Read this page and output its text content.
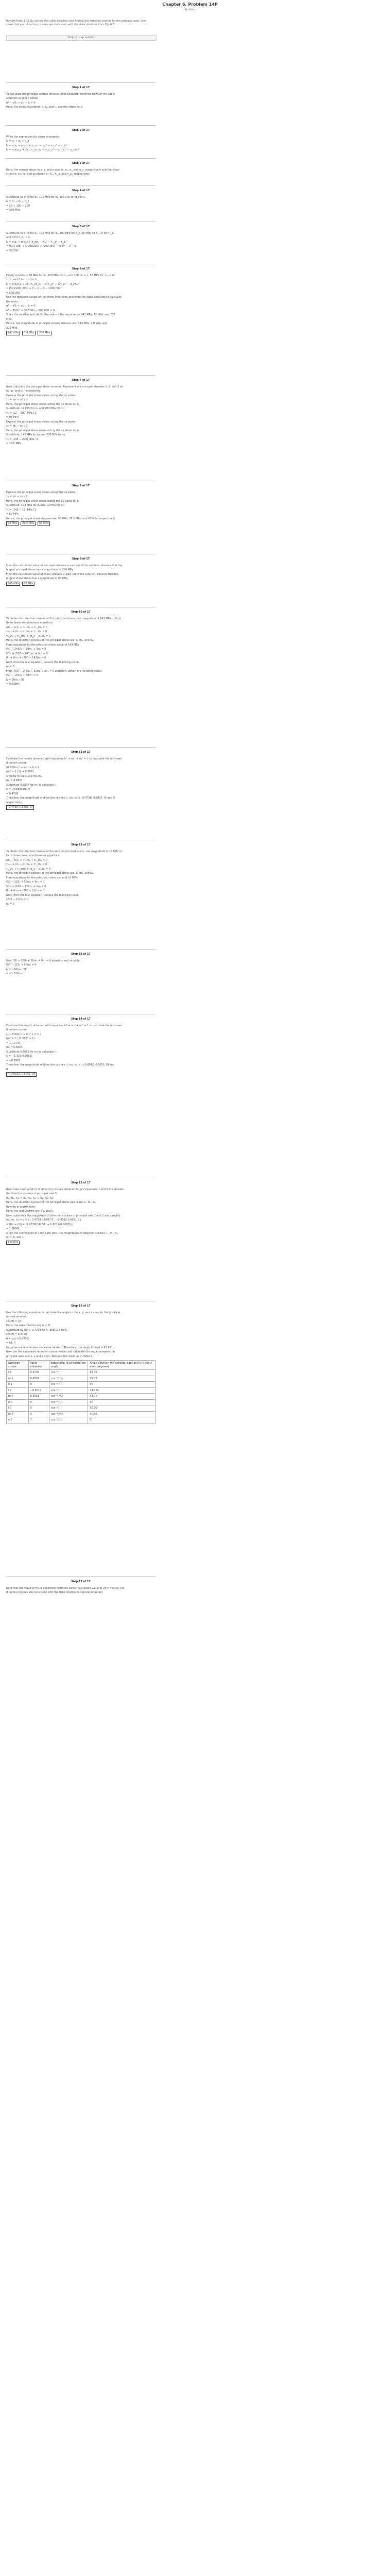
Chapter 6, Problem 14P
Problem
Rework Prob. 6.11 by solving the cubic equation and finding the direction cosines for the principal axes. Also show that your direction cosines are consistent with the data rotations from Fig. 6.6.
Step-by-step solution
Step 1 of 17
To calculate the principal normal stresses, first calculate the three roots of the cubic
equation as given below:
σ³ − σ²I₁ + σI₂ − I₃ = 0
Here, the stress invariants: I₁, I₂, and I₃, and the stress is: σ.
Step 2 of 17
Write the expression for stress invariants.
I₁ = σₓ + σᵧ + σ_z
I₂ = σₓσᵧ + σᵧσ_z + σ_zσₓ − τₓᵧ² − τᵧ_z² − τ_zₓ²
I₃ = σₓσᵧσ_z + 2τₓᵧτᵧ_zτ_zₓ − σₓτᵧ_z² − σᵧτ_zₓ² − σ_zτₓᵧ²
Step 3 of 17
Here, the normal stress in x, y, and z axes is: σₓ, σᵧ, and σ_z, respectively and the shear
stress in xy, yz, and zx planes is: τₓᵧ, τᵧ_z, and τ_zₓ, respectively.
Step 4 of 17
Substitute 50 MPa for σₓ, 100 MPa for σᵧ, and 200 for σ_z in I₁.
I₁ = σₓ + σᵧ + σ_z
= 50 + 100 + 200
= 350 MPa
Step 5 of 17
Substitute 50 MPa for σₓ, 100 MPa for σᵧ, 200 MPa for σ_z, 50 MPa for τₓᵧ, 0 for τᵧ_z,
and 0 for τ_zₓ in I₂.
I₂ = σₓσᵧ + σᵧσ_z + σ_zσₓ − τₓᵧ² − τᵧ_z² − τ_zₓ²
= (50)(100) + (100)(200) + (200)(50) − (50)² − 0 − 0
= 32,500
Step 6 of 17
Finally substitute 50 MPa for σₓ, 100 MPa for σᵧ, and 200 for σ_z, 50 MPa for τₓᵧ, 0 for
τᵧ_z, and 0 for τ_zₓ in I₃.
I₃ = σₓσᵧσ_z + 2τₓᵧτᵧ_zτ_zₓ − σₓτᵧ_z² − σᵧτ_zₓ² − σ_zτₓᵧ²
= (50)(100)(200) + 0 − 0 − 0 − (200)(50)²
= 500,000
Use the obtained values of the stress invariants and write the cubic equation to calculate
the roots.
σ³ − σ²I₁ + σI₂ − I₃ = 0
σ³ − 350σ² + 32,500σ − 500,000 = 0
Solve the relation and obtain the roots of the equation as 143 MPa, 12 MPa, and 200
MPa.
Hence, the magnitude of principal normal stresses are: 143 MPa, 7.0 MPa, and
200 MPa.
143 MPa 7.0 MPa 200 MPa
Step 7 of 17
Now, calculate the principal shear stresses. Represent the principal stresses 1, 2, and 3 as
σ₁, σ₂, and σ₃, respectively.
Express the principal shear stress acting the yz plane.
τ₁ = |σ₂ − σ₃| / 2
Here, the principal shear stress acting the yz plane is: τ₁.
Substitute: 12 MPa for σ₂ and 200 MPa for σ₃.
τ₁ = |12 − 200| MPa / 2
= 93 MPa
Express the principal shear stress acting the zx plane.
τ₂ = |σ₁ − σ₃| / 2
Here, the principal shear stress acting the zx plane is: τ₂.
Substitute: 143 MPa for σ₁ and 200 MPa for σ₃.
τ₂ = |143 − 200| MPa / 2
= 28.5 MPa
Step 8 of 17
Express the principal shear stress acting the xy plane.
τ₃ = |σ₁ − σ₂| / 2
Here, the principal shear stress acting the xy plane is: τ₃.
Substitute: 143 MPa for σ₁ and 12 MPa for σ₂.
τ₃ = |143 − 12| MPa / 2
= 67 MPa
Hence, the principal shear stresses are: 93 MPa, 28.5 MPa, and 67 MPa, respectively.
93 MPa 28.5 MPa 67 MPa
Step 9 of 17
From the calculated value of principal stresses in part (a) of the solution, observe that the
largest principal stress has a magnitude of 200 MPa.
From the calculated value of shear stresses in part (b) of the solution, observe that the
largest shear stress has a magnitude of 93 MPa.
200 MPa 93 MPa
Step 10 of 17
To obtain the direction cosines of first principal stress, use magnitude of 143 MPa to form
three linear simultaneous equations.
(σₓ − σ₁)l₁ + τₓᵧm₁ + τₓ_zn₁ = 0
τₓᵧl₁ + (σᵧ − σ₁)m₁ + τᵧ_zn₁ = 0
τₓ_zl₁ + τᵧ_zm₁ + (σ_z − σ₁)n₁ = 0
Here, the direction cosines of the principal stress are: l₁, m₁, and n₁.
Form equations for the principal stress value of 143 MPa.
(50 − 143)l₁ + 50m₁ + 0n₁ = 0
50l₁ + (100 − 143)m₁ + 0n₁ = 0
0l₁ + 0m₁ + (200 − 143)n₁ = 0
Now, from the last equation, deduce the following result.
n₁ = 0
From: (50 − 143)l₁ + 50m₁ + 0n₁ = 0 equation, obtain the following result.
(50 − 143)l₁ + 50m₁ = 0
l₁ = 50m₁ / 93
= 0.538m₁
Step 11 of 17
Combine the results obtained with equation: l₁² + m₁² + n₁² = 1 to calculate the unknown
direction cosine.
(0.538m₁)² + m₁² + 0 = 1
m₁² = 1 / (1 + 0.289)
Simplify to calculate the m₁.
m₁ = 0.8807
Substitute 0.8807 for m₁ to calculate l₁.
l₁ = 0.538(0.8807)
= 0.4738
Therefore, the magnitude of direction cosines l₁, m₁, n₁ is: (0.4738, 0.8807, 0) and 0,
respectively.
(0.4738, 0.8807, 0)
Step 12 of 17
To obtain the direction cosines of the second principal stress, use magnitude of 12 MPa to
form three linear simultaneous equations.
(σₓ − σ₂)l₂ + τₓᵧm₂ + τₓ_zn₂ = 0
τₓᵧl₂ + (σᵧ − σ₂)m₂ + τᵧ_zn₂ = 0
τₓ_zl₂ + τᵧ_zm₂ + (σ_z − σ₂)n₂ = 0
Here, the direction cosines of the principal stress are: l₂, m₂, and n₂.
Form equations for the principal stress value of 12 MPa.
(50 − 12)l₂ + 50m₂ + 0n₂ = 0
50l₂ + (100 − 12)m₂ + 0n₂ = 0
0l₂ + 0m₂ + (200 − 12)n₂ = 0
Now, from the last equation, deduce the following result.
(200 − 12)n₂ = 0
n₂ = 0
Step 13 of 17
Use: (50 − 12)l₂ + 50m₂ + 0n₂ = 0 equation and simplify.
(50 − 12)l₂ + 50m₂ = 0
l₂ = −50m₂ / 38
= −1.316m₂
Step 14 of 17
Combine the results obtained with equation: l₂² + m₂² + n₂² = 1 to calculate the unknown
direction cosine.
(−1.316m₂)² + m₂² + 0 = 1
m₂² = 1 / (1.316² + 1)
= 1 / 2.731
m₂ = 0.6051
Substitute 0.6051 for m₂ to calculate l₂.
l₂ = −1.316(0.6051)
= −0.7963
Therefore, the magnitude of direction cosines l₂, m₂, n₂ is: (−0.8012, 0.6051, 0) and
0.
(−0.8012, 0.6051, 0)
Step 15 of 17
Now, take cross product of direction cosines obtained for principal axis 1 and 2 to calculate
the direction cosines of principal axis 3.
(l₃, m₃, n₃) = (l₁, m₁, n₁) × (l₂, m₂, n₂)
Here, the direction cosines of the principal stress axis 3 are: l₃, m₃, n₃.
Rewrite in matrix form.
Here, the unit vectors are: i, j, and k.
Now, substitute the magnitude of direction cosines of principal axis 1 and 2 and simplify.
(l₃, m₃, n₃) = | i j k ; 0.4738 0.8807 0 ; −0.8012 0.6051 0 |
= (0)i + (0)j + (0.4738(0.6051) + 0.8012(0.8807))k
= 1.0000k
Since the coefficients of i and j are zero, the magnitudes of direction cosines: l₃, m₃, n₃
is: 0, 0, and 1.
1.0000k
Step 16 of 17
Use the following equation to calculate the angle to the x, y, and z axes for the principal
normal stresses.
cos(θ) = lᵢ/1
Here, the axes rotation angle is: θ.
Substitute 62 for l₁, 0.4738 for l₁, and 118 for l₂.
cos(θ) = 0.4738
θ = cos⁻¹(0.4738)
= 61.7°
Negative value indicates clockwise rotation. Therefore, the angle formed is 61.69°.
Now use the calculated direction cosine values and calculate the angle between the
principal axes and x, y and z axes. Tabulate the result as in Table 1.
Direction cosine	Value obtained	Expression to calculate the angle	Angle between the principal axes and x, y and z axes (degrees)
l 1	0.4738	cos⁻¹(l₁)	61.72
m 1	0.8807	cos⁻¹(m₁)	28.28
n 1	0	cos⁻¹(n₁)	90
l 2	−0.8012	cos⁻¹(l₂)	143.24
m 2	0.6051	cos⁻¹(m₂)	52.76
n 2	0	cos⁻¹(n₂)	90
l 3	0	cos⁻¹(l₃)	90.00
m 3	0	cos⁻¹(m₃)	90.00
n 3	1	cos⁻¹(n₃)	0
Step 17 of 17
Note that the value of m1 is consistent with the earlier calculated value of 28.4. Hence, the
direction cosines are consistent with the data rotation as calculated earlier.
